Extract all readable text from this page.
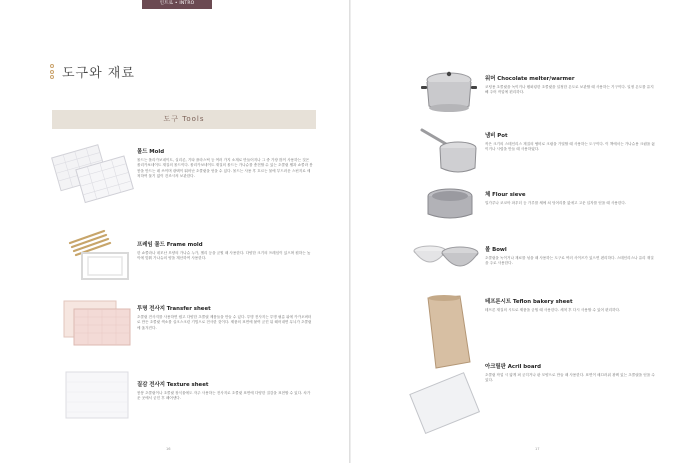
인트로 • INTRO
도구와 재료
도구 Tools
몰드 Mold

몰드는 폴리카보네이트, 실리콘, 기타 플라스틱 등 여러 가지 소재로 만들어지나 그 중 가장 많이 사용하는 것은 폴리카보네이트 재질의 몰드이다. 폴리카보네이트 재질의 몰드는 가나슈를 충전할 수 있는 초콜릿 셸과 쇼콜라 봉봉을 만드는 데 쓰이며 광택이 뛰어난 초콜릿을 얻을 수 있다. 몰드는 사용 후 흐르는 물에 부드러운 스펀지로 세척하여 물기 없이 건조시켜 보관한다.

프레임 몰드 Frame mold

한 쇼콜라나 네모난 모양의 가나슈 누가, 젤리 등을 굳힐 때 사용한다. 다양한 크기의 프레임이 있으며 원하는 높이에 맞춰 가나슈의 양을 계산하여 사용한다.

투명 전사지 Transfer sheet

초콜릿 전사지를 사용하면 쉽고 다양한 초콜릿 제품들을 만들 수 있다. 투명 전사지는 투명 필름 위에 카카오버터로 만든 초콜릿 색소를 실크스크린 기법으로 전사한 것이다. 제품의 표면에 붙여 굳힌 뒤 떼어내면 무늬가 초콜릿에 옮겨진다.

질감 전사지 Texture sheet

봉봉 초콜릿이나 초콜릿 장식물에도 자주 사용하는 전사지로 초콜릿 표면에 다양한 질감을 표현할 수 있다. 차가운 곳에서 굳힌 후 떼어낸다.

16
워머 Chocolate melter/warmer

코팅용 초콜릿을 녹이거나 템퍼링한 초콜릿을 일정한 온도로 보관할 때 사용하는 기구이다. 일정 온도를 유지해 주어 작업에 편리하다.

냄비 Pot

작은 크기의 스테인리스 재질의 냄비로 크림을 가열할 때 사용하는 도구이다. 이 책에서는 가나슈용 크림을 끓이거나 시럽을 만들 때 사용하였다.

체 Flour sieve

밀가루나 코코아 파우더 등 가루를 체에 쳐 덩어리를 없애고 고운 입자를 얻을 때 사용한다.

볼 Bowl

초콜릿을 녹이거나 재료를 섞을 때 사용하는 도구로 여러 사이즈가 있으면 편리하다. 스테인리스나 유리 재질을 주로 사용한다.

테프론시트 Teflon bakery sheet

테프론 재질의 시트로 제품을 굳힐 때 사용한다. 세척 후 다시 사용할 수 있어 편리하다.

아크릴판 Acril board

초콜릿 작업 시 얇게 펴 굳히거나 판 모양으로 만들 때 사용한다. 표면이 매끄러워 광택 있는 초콜릿을 얻을 수 있다.

17
